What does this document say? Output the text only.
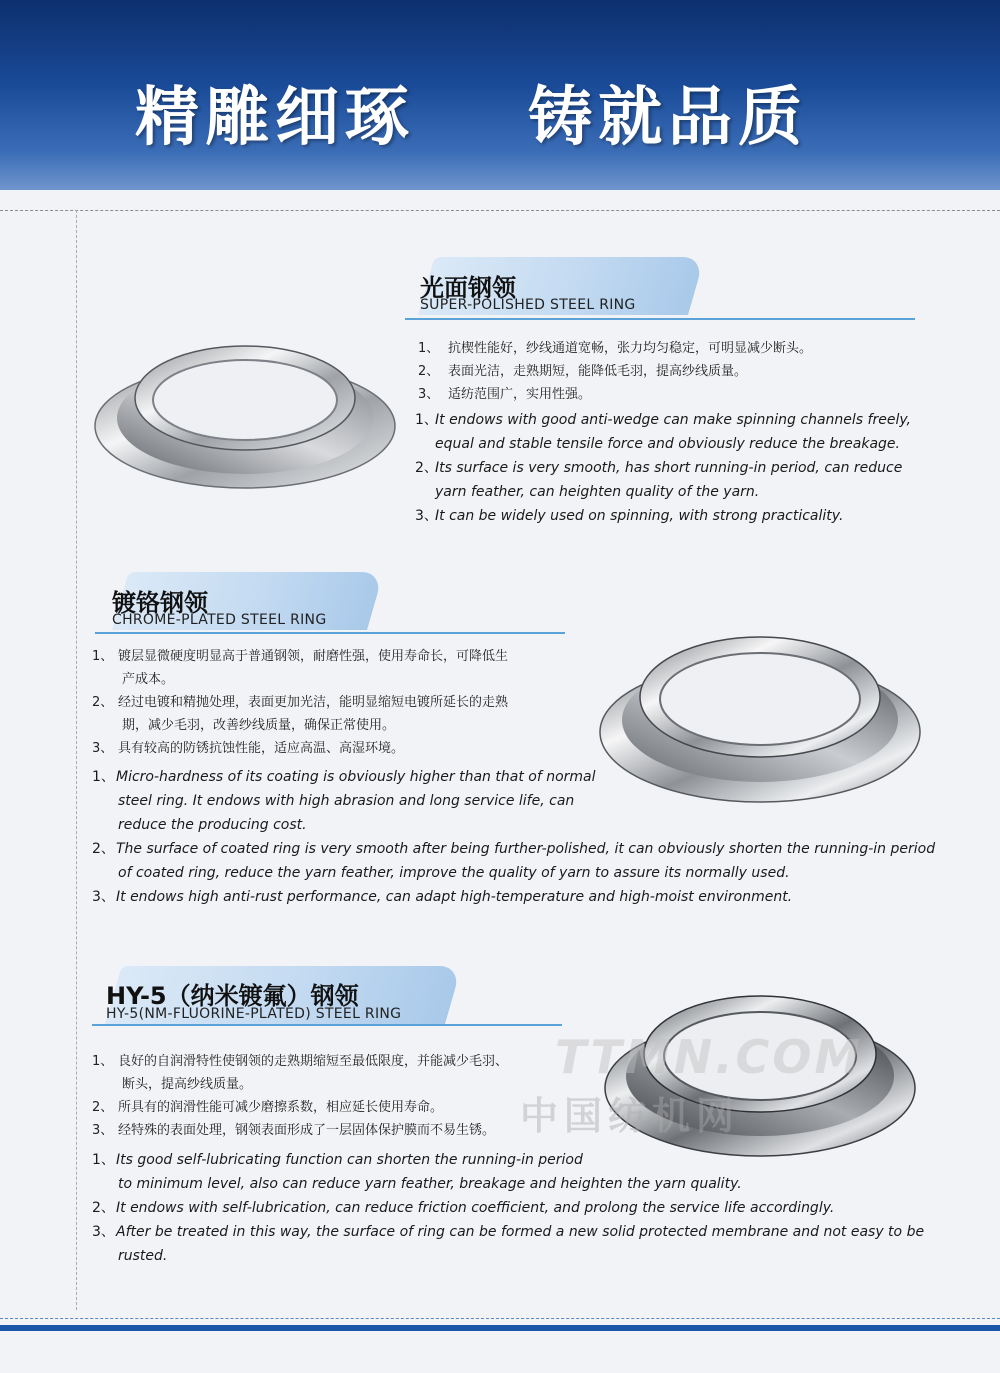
精雕细琢    铸就品质
光面钢领
SUPER-POLISHED STEEL RING
1、 抗楔性能好，纱线通道宽畅，张力均匀稳定，可明显减少断头。
2、 表面光洁，走熟期短，能降低毛羽，提高纱线质量。
3、 适纺范围广，实用性强。
1、
It endows with good anti-wedge can make spinning channels freely,
equal and stable tensile force and obviously reduce the breakage.
2、
Its surface is very smooth, has short running-in period, can reduce
yarn feather, can heighten quality of the yarn.
3、
It can be widely used on spinning, with strong practicality.
镀铬钢领
CHROME-PLATED STEEL RING
1、 镀层显微硬度明显高于普通钢领，耐磨性强，使用寿命长，可降低生
产成本。
2、 经过电镀和精抛处理，表面更加光洁，能明显缩短电镀所延长的走熟
期，减少毛羽，改善纱线质量，确保正常使用。
3、 具有较高的防锈抗蚀性能，适应高温、高湿环境。
1、 Micro-hardness of its coating is obviously higher than that of normal
steel ring. It endows with high abrasion and long service life, can
reduce the producing cost.
2、 The surface of coated ring is very smooth after being further-polished, it can obviously shorten the running-in period
of coated ring, reduce the yarn feather, improve the quality of yarn to assure its normally used.
3、 It endows high anti-rust performance, can adapt high-temperature and high-moist environment.
HY-5（纳米镀氟）钢领
HY-5(NM-FLUORINE-PLATED) STEEL RING
TTMN.COM
中国纺机网
1、 良好的自润滑特性使钢领的走熟期缩短至最低限度，并能减少毛羽、
断头，提高纱线质量。
2、 所具有的润滑性能可减少磨擦系数，相应延长使用寿命。
3、 经特殊的表面处理，钢领表面形成了一层固体保护膜而不易生锈。
1、 Its good self-lubricating function can shorten the running-in period
to minimum level, also can reduce yarn feather, breakage and heighten the yarn quality.
2、 It endows with self-lubrication, can reduce friction coefficient, and prolong the service life accordingly.
3、 After be treated in this way, the surface of ring can be formed a new solid protected membrane and not easy to be
rusted.
